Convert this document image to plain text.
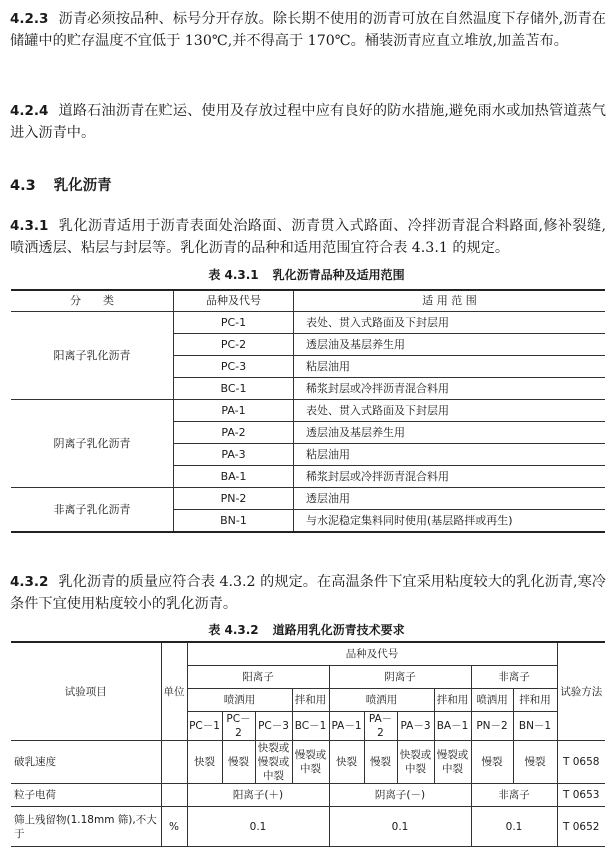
4.2.3 沥青必须按品种、标号分开存放。除长期不使用的沥青可放在自然温度下存储外,沥青在储罐中的贮存温度不宜低于 130℃,并不得高于 170℃。桶装沥青应直立堆放,加盖苫布。
4.2.4 道路石油沥青在贮运、使用及存放过程中应有良好的防水措施,避免雨水或加热管道蒸气进入沥青中。
4.3 乳化沥青
4.3.1 乳化沥青适用于沥青表面处治路面、沥青贯入式路面、冷拌沥青混合料路面,修补裂缝,喷洒透层、粘层与封层等。乳化沥青的品种和适用范围宜符合表 4.3.1 的规定。
表 4.3.1 乳化沥青品种及适用范围
分　　类	品种及代号	适 用 范 围
阳离子乳化沥青	PC-1	表处、贯入式路面及下封层用
	PC-2	透层油及基层养生用
	PC-3	粘层油用
	BC-1	稀浆封层或冷拌沥青混合料用
阴离子乳化沥青	PA-1	表处、贯入式路面及下封层用
	PA-2	透层油及基层养生用
	PA-3	粘层油用
	BA-1	稀浆封层或冷拌沥青混合料用
非离子乳化沥青	PN-2	透层油用
	BN-1	与水泥稳定集料同时使用(基层路拌或再生)
4.3.2 乳化沥青的质量应符合表 4.3.2 的规定。在高温条件下宜采用粘度较大的乳化沥青,寒冷条件下宜使用粘度较小的乳化沥青。
表 4.3.2 道路用乳化沥青技术要求
试验项目	单位	品种及代号										试验方法
		阳离子				阴离子				非离子		
		喷洒用			拌和用	喷洒用			拌和用	喷洒用	拌和用	
		PC－1	PC－2	PC－3	BC－1	PA－1	PA－2	PA－3	BA－1	PN－2	BN－1	
破乳速度		快裂	慢裂	快裂或慢裂或中裂	慢裂或中裂	快裂	慢裂	快裂或中裂	慢裂或中裂	慢裂	慢裂	T 0658
粒子电荷		阳离子(＋)				阴离子(－)				非离子		T 0653
筛上残留物(1.18mm 筛),不大于	%	0.1				0.1				0.1		T 0652
